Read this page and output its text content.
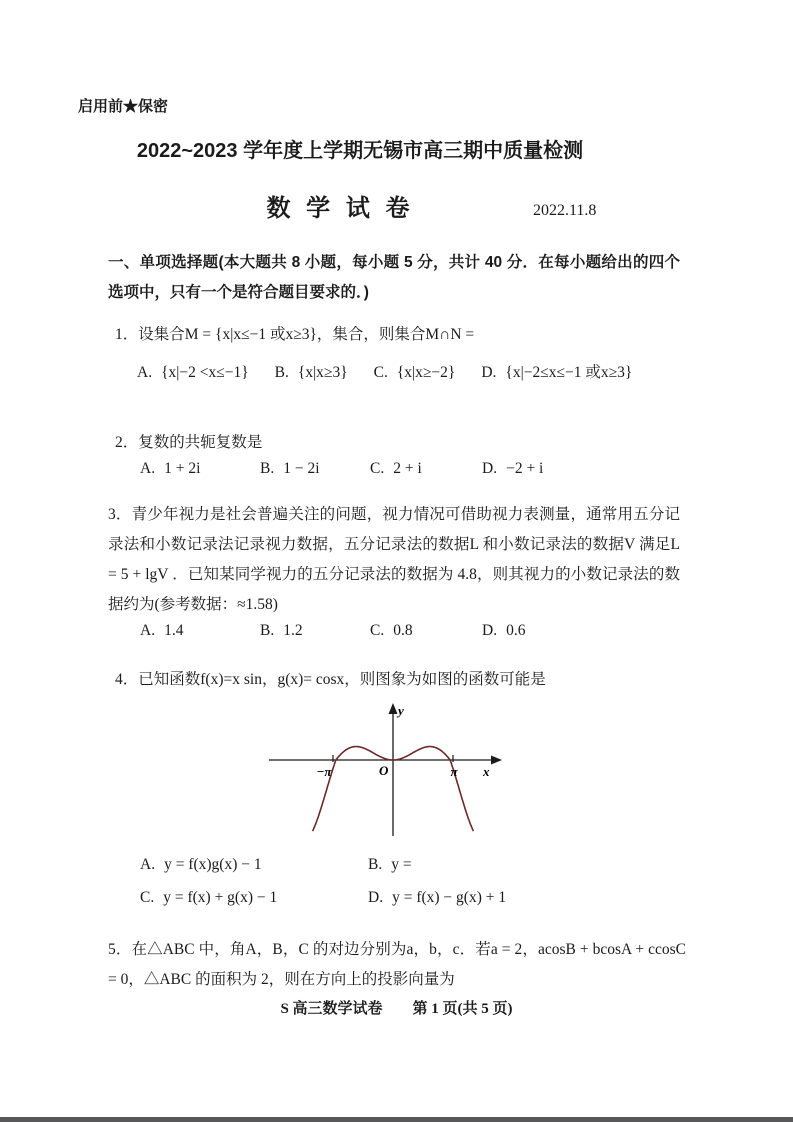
启用前★保密

2022~2023 学年度上学期无锡市高三期中质量检测
数 学 试 卷	2022.11.8

一、单项选择题(本大题共 8 小题，每小题 5 分，共计 40 分．在每小题给出的四个选项中，只有一个是符合题目要求的．)

1．设集合M = {x|x≤−1 或x≥3}，集合，则集合M∩N =

A. {x|−2 <x≤−1} B. {x|x≥3} C. {x|x≥−2} D. {x|−2≤x≤−1 或x≥3}

2．复数的共轭复数是

A. 1 + 2i	B. 1 − 2i	C. 2 + i	D. −2 + i

3．青少年视力是社会普遍关注的问题，视力情况可借助视力表测量，通常用五分记录法和小数记录法记录视力数据，五分记录法的数据L 和小数记录法的数据V 满足L = 5 + lgV ．已知某同学视力的五分记录法的数据为 4.8，则其视力的小数记录法的数据约为(参考数据：≈1.58)

A. 1.4	B. 1.2	C. 0.8	D. 0.6

4．已知函数f(x)=x sin，g(x)= cosx，则图象为如图的函数可能是

y
O
−π	π x
A. y = f(x)g(x) − 1	B. y =
C. y = f(x) + g(x) − 1	D. y = f(x) − g(x) + 1

5．在△ABC 中，角A，B，C 的对边分别为a，b，c．若a = 2，acosB + bcosA + ccosC = 0，△ABC 的面积为 2，则在方向上的投影向量为

S 高三数学试卷　　第 1 页(共 5 页)
